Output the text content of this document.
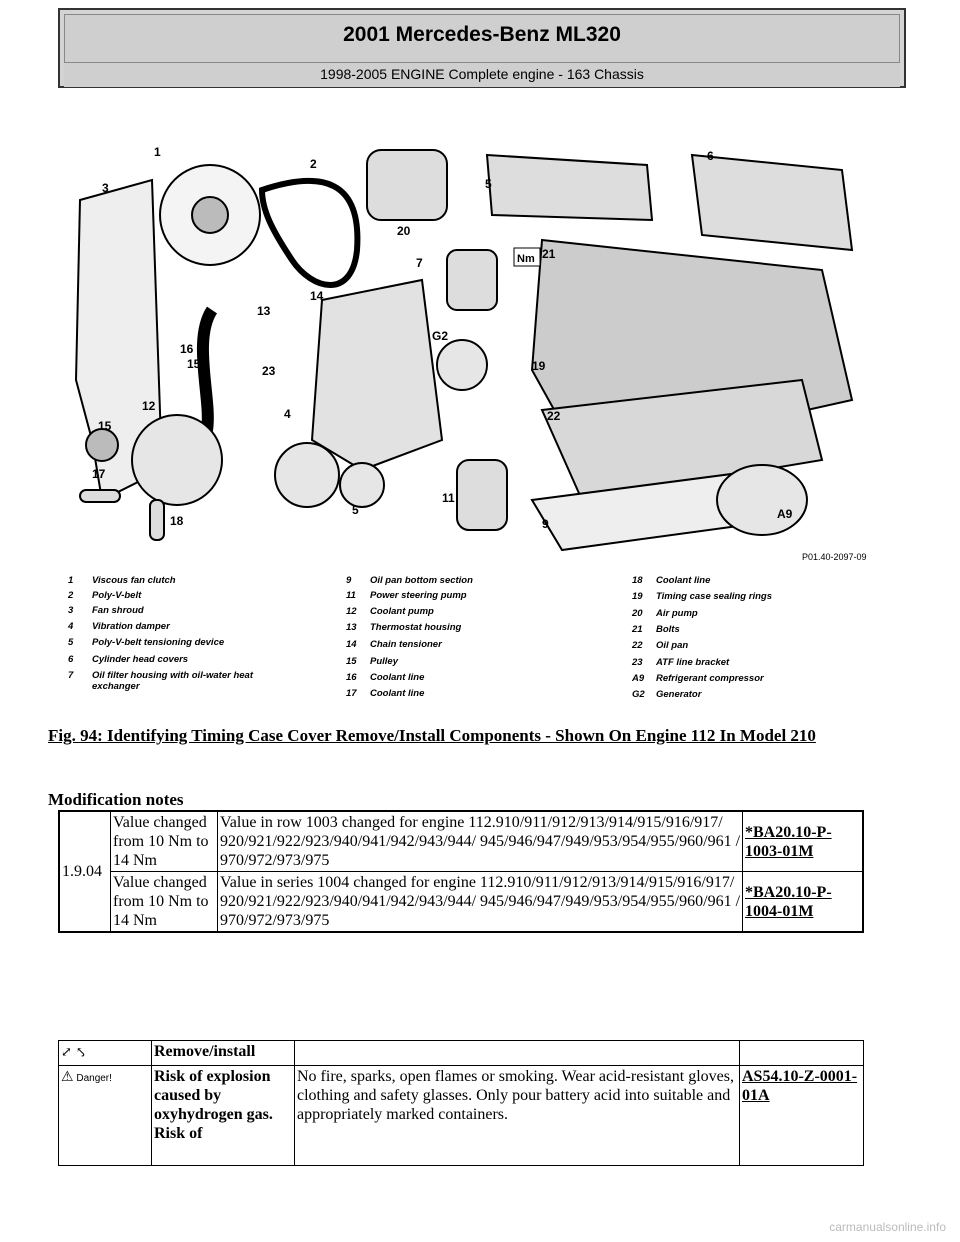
2001 Mercedes-Benz ML320
1998-2005 ENGINE Complete engine - 163 Chassis
1
2
3	5
6
7
20
21
13
14
G2
15
12
23	19
22
4
17
18
5
11
9
A9
15
16
Nm
P01.40-2097-09
1 Viscous fan clutch
2 Poly-V-belt
3 Fan shroud
4 Vibration damper
5 Poly-V-belt tensioning device
6 Cylinder head covers
7 Oil filter housing with oil-water heat exchanger
9 Oil pan bottom section
11 Power steering pump
12 Coolant pump
13 Thermostat housing
14 Chain tensioner
15 Pulley
16 Coolant line
17 Coolant line
18 Coolant line
19 Timing case sealing rings
20 Air pump
21 Bolts
22 Oil pan
23 ATF line bracket
A9 Refrigerant compressor
G2 Generator
Fig. 94: Identifying Timing Case Cover Remove/Install Components - Shown On Engine 112 In Model 210
Modification notes
1.9.04	Value changed from 10 Nm to 14 Nm	Value in row 1003 changed for engine 112.910/911/912/913/914/915/916/917/ 920/921/922/923/940/941/942/943/944/ 945/946/947/949/953/954/955/960/961 / 970/972/973/975	*BA20.10-P-1003-01M
	Value changed from 10 Nm to 14 Nm	Value in series 1004 changed for engine 112.910/911/912/913/914/915/916/917/ 920/921/922/923/940/941/942/943/944/ 945/946/947/949/953/954/955/960/961 / 970/972/973/975	*BA20.10-P-1004-01M
⤢ ⤣	Remove/install		
⚠ Danger!	Risk of explosion caused by oxyhydrogen gas. Risk of	No fire, sparks, open flames or smoking. Wear acid-resistant gloves, clothing and safety glasses. Only pour battery acid into suitable and appropriately marked containers.	AS54.10-Z-0001-01A
carmanualsonline.info
